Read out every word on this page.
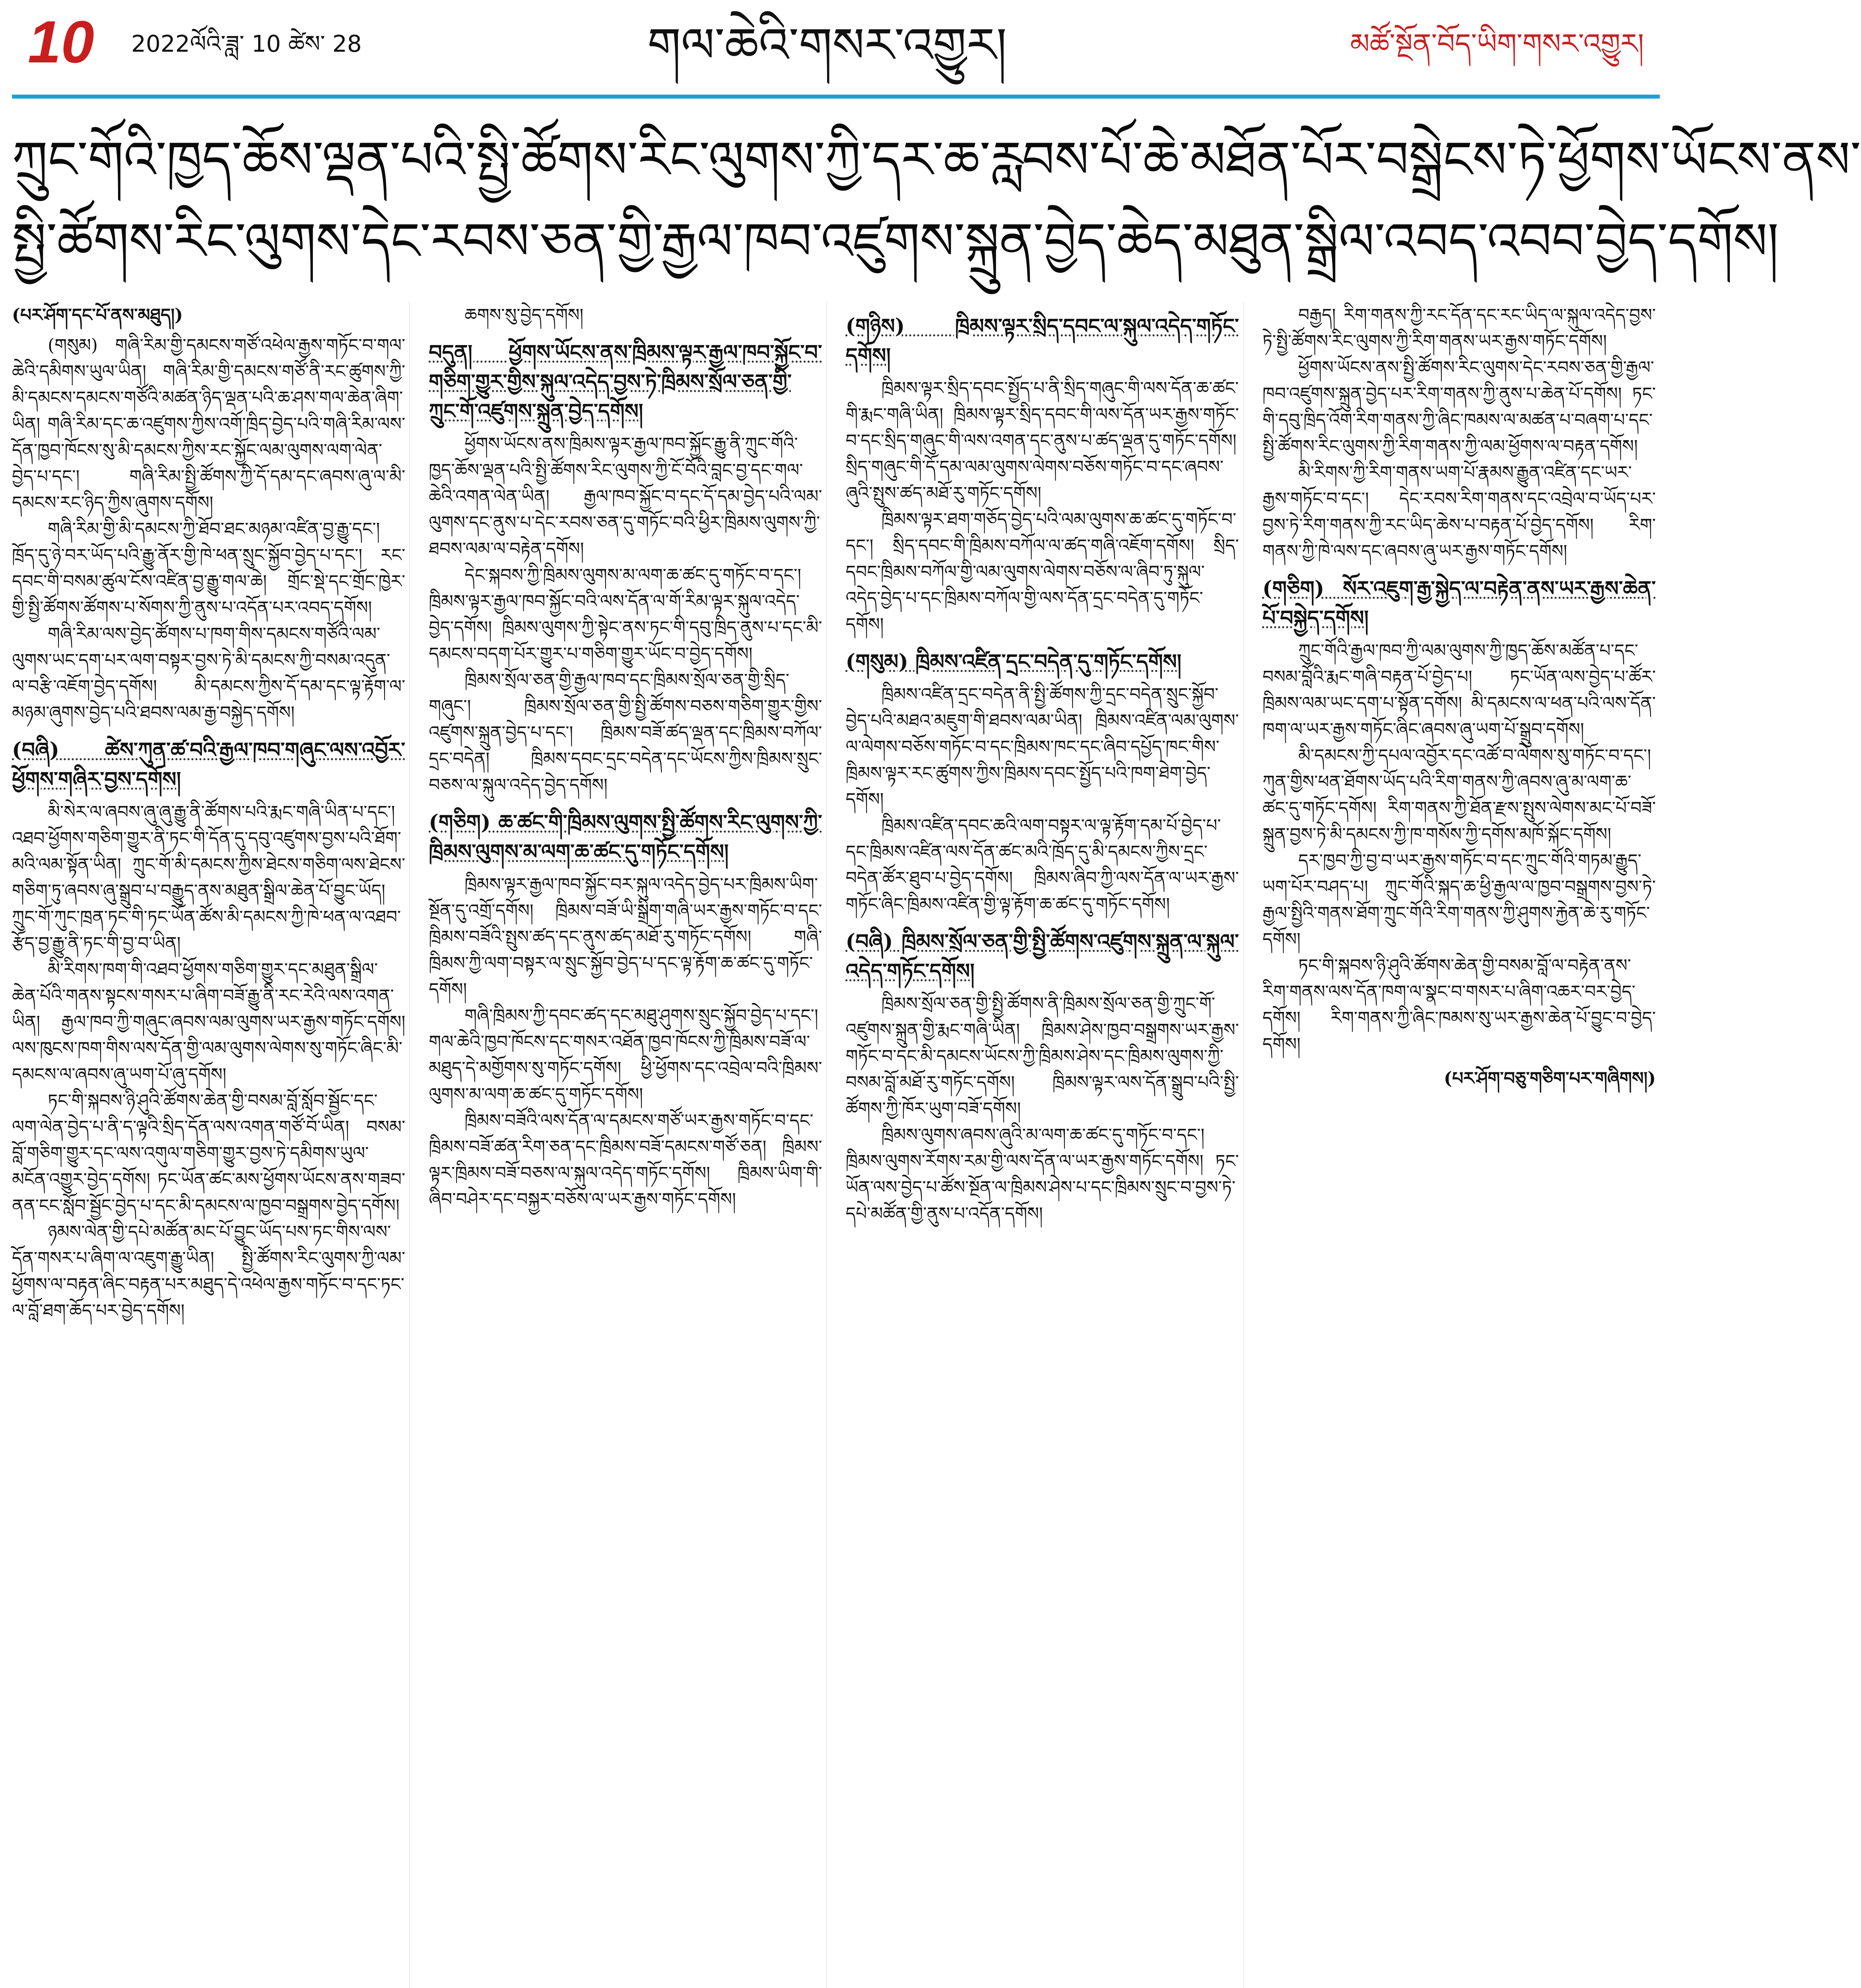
10 2022ལོའི་ཟླ་ 10 ཚེས་ 28	གལ་ཆེའི་གསར་འགྱུར།	མཚོ་སྔོན་བོད་ཡིག་གསར་འགྱུར།
ཀྲུང་གོའི་ཁྱད་ཆོས་ལྡན་པའི་སྤྱི་ཚོགས་རིང་ལུགས་ཀྱི་དར་ཆ་རླབས་པོ་ཆེ་མཐོན་པོར་བསྒྲེངས་ཏེ་ཕྱོགས་ཡོངས་ནས་
སྤྱི་ཚོགས་རིང་ལུགས་དེང་རབས་ཅན་གྱི་རྒྱལ་ཁབ་འཛུགས་སྐྲུན་བྱེད་ཆེད་མཐུན་སྒྲིལ་འབད་འབབ་བྱེད་དགོས།
(པར་ཤོག་དང་པོ་ནས་མཐུད།)
(གསུམ) གཞི་རིམ་གྱི་དམངས་གཙོ་འཕེལ་རྒྱས་གཏོང་བ་གལ་ཆེའི་དམིགས་ཡུལ་ཡིན། གཞི་རིམ་གྱི་དམངས་གཙོ་ནི་རང་ཚུགས་ཀྱི་མི་དམངས་དམངས་གཙོའི་མཚན་ཉིད་ལྡན་པའི་ཆ་ཤས་གལ་ཆེན་ཞིག་ཡིན། གཞི་རིམ་དང་ཆ་འཛུགས་ཀྱིས་འགོ་ཁྲིད་བྱེད་པའི་གཞི་རིམ་ལས་དོན་ཁྱབ་ཁོངས་སུ་མི་དམངས་ཀྱིས་རང་སྐྱོང་ལམ་ལུགས་ལག་ལེན་བྱེད་པ་དང་། གཞི་རིམ་སྤྱི་ཚོགས་ཀྱི་དོ་དམ་དང་ཞབས་ཞུ་ལ་མི་དམངས་རང་ཉིད་ཀྱིས་ཞུགས་དགོས།
གཞི་རིམ་གྱི་མི་དམངས་ཀྱི་ཐོབ་ཐང་མཉམ་འཛིན་བྱ་རྒྱུ་དང་། ཁྲོད་དུ་ཉེ་བར་ཡོད་པའི་རྒྱུ་ནོར་གྱི་ཁེ་ཕན་སྲུང་སྐྱོབ་བྱེད་པ་དང་། རང་དབང་གི་བསམ་ཚུལ་ངོས་འཛིན་བྱ་རྒྱུ་གལ་ཆེ། གྲོང་སྡེ་དང་གྲོང་ཁྱེར་གྱི་སྤྱི་ཚོགས་ཚོགས་པ་སོགས་ཀྱི་ནུས་པ་འདོན་པར་འབད་དགོས།
གཞི་རིམ་ལས་བྱེད་ཚོགས་པ་ཁག་གིས་དམངས་གཙོའི་ལམ་ལུགས་ཡང་དག་པར་ལག་བསྟར་བྱས་ཏེ་མི་དམངས་ཀྱི་བསམ་འདུན་ལ་བརྩི་འཇོག་བྱེད་དགོས། མི་དམངས་ཀྱིས་དོ་དམ་དང་ལྟ་རྟོག་ལ་མཉམ་ཞུགས་བྱེད་པའི་ཐབས་ལམ་རྒྱ་བསྐྱེད་དགོས།
(བཞི) ཚེས་ཀུན་ཚ་བའི་རྒྱལ་ཁབ་གཞུང་ལས་འབྱོར་ཕྱོགས་གཞིར་བྱས་དགོས།
མི་སེར་ལ་ཞབས་ཞུ་ཞུ་རྒྱུ་ནི་ཚོགས་པའི་རྨང་གཞི་ཡིན་པ་དང་། འཐབ་ཕྱོགས་གཅིག་གྱུར་ནི་ཏང་གི་དོན་དུ་དབུ་འཛུགས་བྱས་པའི་ཐོག་མའི་ལམ་སྟོན་ཡིན། ཀྲུང་གོ་མི་དམངས་ཀྱིས་ཐེངས་གཅིག་ལས་ཐེངས་གཅིག་ཏུ་ཞབས་ཞུ་སྒྲུབ་པ་བརྒྱུད་ནས་མཐུན་སྒྲིལ་ཆེན་པོ་བྱུང་ཡོད། ཀྲུང་གོ་ཀུང་ཁྲན་ཏང་གི་ཏང་ཡོན་ཚོས་མི་དམངས་ཀྱི་ཁེ་ཕན་ལ་འཐབ་རྩོད་བྱ་རྒྱུ་ནི་ཏང་གི་བྱ་བ་ཡིན།
མི་རིགས་ཁག་གི་འཐབ་ཕྱོགས་གཅིག་གྱུར་དང་མཐུན་སྒྲིལ་ཆེན་པོའི་གནས་སྟངས་གསར་པ་ཞིག་བཟོ་རྒྱུ་ནི་རང་རེའི་ལས་འགན་ཡིན། རྒྱལ་ཁབ་ཀྱི་གཞུང་ཞབས་ལམ་ལུགས་ཡར་རྒྱས་གཏོང་དགོས། ལས་ཁུངས་ཁག་གིས་ལས་དོན་གྱི་ལམ་ལུགས་ལེགས་སུ་གཏོང་ཞིང་མི་དམངས་ལ་ཞབས་ཞུ་ཡག་པོ་ཞུ་དགོས།
ཏང་གི་སྐབས་ཉི་ཤུའི་ཚོགས་ཆེན་གྱི་བསམ་བློ་སློབ་སྦྱོང་དང་ལག་ལེན་བྱེད་པ་ནི་ད་ལྟའི་སྲིད་དོན་ལས་འགན་གཙོ་བོ་ཡིན། བསམ་བློ་གཅིག་གྱུར་དང་ལས་འགུལ་གཅིག་གྱུར་བྱས་ཏེ་དམིགས་ཡུལ་མངོན་འགྱུར་བྱེད་དགོས། ཏང་ཡོན་ཚང་མས་ཕྱོགས་ཡོངས་ནས་གཟབ་ནན་ངང་སློབ་སྦྱོང་བྱེད་པ་དང་མི་དམངས་ལ་ཁྱབ་བསྒྲགས་བྱེད་དགོས།
ཉམས་ལེན་གྱི་དཔེ་མཚོན་མང་པོ་བྱུང་ཡོད་པས་ཏང་གིས་ལས་དོན་གསར་པ་ཞིག་ལ་འཇུག་རྒྱུ་ཡིན། སྤྱི་ཚོགས་རིང་ལུགས་ཀྱི་ལམ་ཕྱོགས་ལ་བརྟན་ཞིང་བརྟན་པར་མཐུད་དེ་འཕེལ་རྒྱས་གཏོང་བ་དང་ཏང་ལ་བློ་ཐག་ཆོད་པར་བྱེད་དགོས།
ཆགས་སུ་བྱེད་དགོས།
བདུན། ཕྱོགས་ཡོངས་ནས་ཁྲིམས་ལྟར་རྒྱལ་ཁབ་སྐྱོང་བ་གཅིག་གྱུར་གྱིས་སྐུལ་འདེད་བྱས་ཏེ་ཁྲིམས་སྲོལ་ཅན་གྱི་ཀྲུང་གོ་འཛུགས་སྐྲུན་བྱེད་དགོས།
ཕྱོགས་ཡོངས་ནས་ཁྲིམས་ལྟར་རྒྱལ་ཁབ་སྐྱོང་རྒྱུ་ནི་ཀྲུང་གོའི་ཁྱད་ཆོས་ལྡན་པའི་སྤྱི་ཚོགས་རིང་ལུགས་ཀྱི་ངོ་བོའི་བླང་བྱ་དང་གལ་ཆེའི་འགན་ལེན་ཡིན། རྒྱལ་ཁབ་སྐྱོང་བ་དང་དོ་དམ་བྱེད་པའི་ལམ་ལུགས་དང་ནུས་པ་དེང་རབས་ཅན་དུ་གཏོང་བའི་ཕྱིར་ཁྲིམས་ལུགས་ཀྱི་ཐབས་ལམ་ལ་བརྟེན་དགོས།
དེང་སྐབས་ཀྱི་ཁྲིམས་ལུགས་མ་ལག་ཆ་ཚང་དུ་གཏོང་བ་དང་། ཁྲིམས་ལྟར་རྒྱལ་ཁབ་སྐྱོང་བའི་ལས་དོན་ལ་གོ་རིམ་ལྟར་སྐུལ་འདེད་བྱེད་དགོས། ཁྲིམས་ལུགས་ཀྱི་སྟེང་ནས་ཏང་གི་དབུ་ཁྲིད་ནུས་པ་དང་མི་དམངས་བདག་པོར་གྱུར་པ་གཅིག་གྱུར་ཡོང་བ་བྱེད་དགོས།
ཁྲིམས་སྲོལ་ཅན་གྱི་རྒྱལ་ཁབ་དང་ཁྲིམས་སྲོལ་ཅན་གྱི་སྲིད་གཞུང་། ཁྲིམས་སྲོལ་ཅན་གྱི་སྤྱི་ཚོགས་བཅས་གཅིག་གྱུར་གྱིས་འཛུགས་སྐྲུན་བྱེད་པ་དང་། ཁྲིམས་བཟོ་ཚད་ལྡན་དང་ཁྲིམས་བཀོལ་དྲང་བདེན། ཁྲིམས་དབང་དྲང་བདེན་དང་ཡོངས་ཀྱིས་ཁྲིམས་སྲུང་བཅས་ལ་སྐུལ་འདེད་བྱེད་དགོས།
(གཅིག) ཆ་ཚང་གི་ཁྲིམས་ལུགས་སྤྱི་ཚོགས་རིང་ལུགས་ཀྱི་ཁྲིམས་ལུགས་མ་ལག་ཆ་ཚང་དུ་གཏོང་དགོས།
ཁྲིམས་ལྟར་རྒྱལ་ཁབ་སྐྱོང་བར་སྐུལ་འདེད་བྱེད་པར་ཁྲིམས་ཡིག་སྔོན་དུ་འགྲོ་དགོས། ཁྲིམས་བཟོ་ཡི་སྒྲིག་གཞི་ཡར་རྒྱས་གཏོང་བ་དང་ཁྲིམས་བཟོའི་སྤུས་ཚད་དང་ནུས་ཚད་མཐོ་རུ་གཏོང་དགོས། གཞི་ཁྲིམས་ཀྱི་ལག་བསྟར་ལ་སྲུང་སྐྱོབ་བྱེད་པ་དང་ལྟ་རྟོག་ཆ་ཚང་དུ་གཏོང་དགོས།
གཞི་ཁྲིམས་ཀྱི་དབང་ཚད་དང་མཐུ་ཤུགས་སྲུང་སྐྱོབ་བྱེད་པ་དང་། གལ་ཆེའི་ཁྱབ་ཁོངས་དང་གསར་འཐོན་ཁྱབ་ཁོངས་ཀྱི་ཁྲིམས་བཟོ་ལ་མཐུད་དེ་མགྱོགས་སུ་གཏོང་དགོས། ཕྱི་ཕྱོགས་དང་འབྲེལ་བའི་ཁྲིམས་ལུགས་མ་ལག་ཆ་ཚང་དུ་གཏོང་དགོས།
ཁྲིམས་བཟོའི་ལས་དོན་ལ་དམངས་གཙོ་ཡར་རྒྱས་གཏོང་བ་དང་ཁྲིམས་བཟོ་ཚན་རིག་ཅན་དང་ཁྲིམས་བཟོ་དམངས་གཙོ་ཅན། ཁྲིམས་ལྟར་ཁྲིམས་བཟོ་བཅས་ལ་སྐུལ་འདེད་གཏོང་དགོས། ཁྲིམས་ཡིག་གི་ཞིབ་བཤེར་དང་བསྐྱར་བཅོས་ལ་ཡར་རྒྱས་གཏོང་དགོས།
(གཉིས) ཁྲིམས་ལྟར་སྲིད་དབང་ལ་སྐུལ་འདེད་གཏོང་དགོས།
ཁྲིམས་ལྟར་སྲིད་དབང་སྤྱོད་པ་ནི་སྲིད་གཞུང་གི་ལས་དོན་ཆ་ཚང་གི་རྨང་གཞི་ཡིན། ཁྲིམས་ལྟར་སྲིད་དབང་གི་ལས་དོན་ཡར་རྒྱས་གཏོང་བ་དང་སྲིད་གཞུང་གི་ལས་འགན་དང་ནུས་པ་ཚད་ལྡན་དུ་གཏོང་དགོས། སྲིད་གཞུང་གི་དོ་དམ་ལམ་ལུགས་ལེགས་བཅོས་གཏོང་བ་དང་ཞབས་ཞུའི་སྤུས་ཚད་མཐོ་རུ་གཏོང་དགོས།
ཁྲིམས་ལྟར་ཐག་གཅོད་བྱེད་པའི་ལམ་ལུགས་ཆ་ཚང་དུ་གཏོང་བ་དང་། སྲིད་དབང་གི་ཁྲིམས་བཀོལ་ལ་ཚད་གཞི་འཇོག་དགོས། སྲིད་དབང་ཁྲིམས་བཀོལ་གྱི་ལམ་ལུགས་ལེགས་བཅོས་ལ་ཞིབ་ཏུ་སྐུལ་འདེད་བྱེད་པ་དང་ཁྲིམས་བཀོལ་གྱི་ལས་དོན་དྲང་བདེན་དུ་གཏོང་དགོས།
(གསུམ) ཁྲིམས་འཛིན་དྲང་བདེན་དུ་གཏོང་དགོས།
ཁྲིམས་འཛིན་དྲང་བདེན་ནི་སྤྱི་ཚོགས་ཀྱི་དྲང་བདེན་སྲུང་སྐྱོབ་བྱེད་པའི་མཐའ་མཇུག་གི་ཐབས་ལམ་ཡིན། ཁྲིམས་འཛིན་ལམ་ལུགས་ལ་ལེགས་བཅོས་གཏོང་བ་དང་ཁྲིམས་ཁང་དང་ཞིབ་དཔྱོད་ཁང་གིས་ཁྲིམས་ལྟར་རང་ཚུགས་ཀྱིས་ཁྲིམས་དབང་སྤྱོད་པའི་ཁག་ཐེག་བྱེད་དགོས།
ཁྲིམས་འཛིན་དབང་ཆའི་ལག་བསྟར་ལ་ལྟ་རྟོག་དམ་པོ་བྱེད་པ་དང་ཁྲིམས་འཛིན་ལས་དོན་ཚང་མའི་ཁྲོད་དུ་མི་དམངས་ཀྱིས་དྲང་བདེན་ཚོར་ཐུབ་པ་བྱེད་དགོས། ཁྲིམས་ཞིབ་ཀྱི་ལས་དོན་ལ་ཡར་རྒྱས་གཏོང་ཞིང་ཁྲིམས་འཛིན་གྱི་ལྟ་རྟོག་ཆ་ཚང་དུ་གཏོང་དགོས།
(བཞི) ཁྲིམས་སྲོལ་ཅན་གྱི་སྤྱི་ཚོགས་འཛུགས་སྐྲུན་ལ་སྐུལ་འདེད་གཏོང་དགོས།
ཁྲིམས་སྲོལ་ཅན་གྱི་སྤྱི་ཚོགས་ནི་ཁྲིམས་སྲོལ་ཅན་གྱི་ཀྲུང་གོ་འཛུགས་སྐྲུན་གྱི་རྨང་གཞི་ཡིན། ཁྲིམས་ཤེས་ཁྱབ་བསྒྲགས་ཡར་རྒྱས་གཏོང་བ་དང་མི་དམངས་ཡོངས་ཀྱི་ཁྲིམས་ཤེས་དང་ཁྲིམས་ལུགས་ཀྱི་བསམ་བློ་མཐོ་རུ་གཏོང་དགོས། ཁྲིམས་ལྟར་ལས་དོན་སྒྲུབ་པའི་སྤྱི་ཚོགས་ཀྱི་ཁོར་ཡུག་བཟོ་དགོས།
ཁྲིམས་ལུགས་ཞབས་ཞུའི་མ་ལག་ཆ་ཚང་དུ་གཏོང་བ་དང་། ཁྲིམས་ལུགས་རོགས་རམ་གྱི་ལས་དོན་ལ་ཡར་རྒྱས་གཏོང་དགོས། ཏང་ཡོན་ལས་བྱེད་པ་ཚོས་སྔོན་ལ་ཁྲིམས་ཤེས་པ་དང་ཁྲིམས་སྲུང་བ་བྱས་ཏེ་དཔེ་མཚོན་གྱི་ནུས་པ་འདོན་དགོས།
བརྒྱད། རིག་གནས་ཀྱི་རང་དོན་དང་རང་ཡིད་ལ་སྐུལ་འདེད་བྱས་ཏེ་སྤྱི་ཚོགས་རིང་ལུགས་ཀྱི་རིག་གནས་ཡར་རྒྱས་གཏོང་དགོས།
ཕྱོགས་ཡོངས་ནས་སྤྱི་ཚོགས་རིང་ལུགས་དེང་རབས་ཅན་གྱི་རྒྱལ་ཁབ་འཛུགས་སྐྲུན་བྱེད་པར་རིག་གནས་ཀྱི་ནུས་པ་ཆེན་པོ་དགོས། ཏང་གི་དབུ་ཁྲིད་འོག་རིག་གནས་ཀྱི་ཞིང་ཁམས་ལ་མཚན་པ་བཞག་པ་དང་སྤྱི་ཚོགས་རིང་ལུགས་ཀྱི་རིག་གནས་ཀྱི་ལམ་ཕྱོགས་ལ་བརྟན་དགོས།
མི་རིགས་ཀྱི་རིག་གནས་ཡག་པོ་རྣམས་རྒྱུན་འཛིན་དང་ཡར་རྒྱས་གཏོང་བ་དང་། དེང་རབས་རིག་གནས་དང་འབྲེལ་བ་ཡོད་པར་བྱས་ཏེ་རིག་གནས་ཀྱི་རང་ཡིད་ཆེས་པ་བརྟན་པོ་བྱེད་དགོས། རིག་གནས་ཀྱི་ཁེ་ལས་དང་ཞབས་ཞུ་ཡར་རྒྱས་གཏོང་དགོས།
(གཅིག) སོར་འཇུག་རྒྱ་སྐྱེད་ལ་བརྟེན་ནས་ཡར་རྒྱས་ཆེན་པོ་བསྐྱེད་དགོས།
ཀྲུང་གོའི་རྒྱལ་ཁབ་ཀྱི་ལམ་ལུགས་ཀྱི་ཁྱད་ཆོས་མཚོན་པ་དང་བསམ་བློའི་རྨང་གཞི་བརྟན་པོ་བྱེད་པ། ཏང་ཡོན་ལས་བྱེད་པ་ཚོར་ཁྲིམས་ལམ་ཡང་དག་པ་སྟོན་དགོས། མི་དམངས་ལ་ཕན་པའི་ལས་དོན་ཁག་ལ་ཡར་རྒྱས་གཏོང་ཞིང་ཞབས་ཞུ་ཡག་པོ་སྒྲུབ་དགོས།
མི་དམངས་ཀྱི་དཔལ་འབྱོར་དང་འཚོ་བ་ལེགས་སུ་གཏོང་བ་དང་། ཀུན་གྱིས་ཕན་ཐོགས་ཡོད་པའི་རིག་གནས་ཀྱི་ཞབས་ཞུ་མ་ལག་ཆ་ཚང་དུ་གཏོང་དགོས། རིག་གནས་ཀྱི་ཐོན་རྫས་སྤུས་ལེགས་མང་པོ་བཟོ་སྐྲུན་བྱས་ཏེ་མི་དམངས་ཀྱི་ཁ་གསོས་ཀྱི་དགོས་མཁོ་སྐོང་དགོས།
དར་ཁྱབ་ཀྱི་བྱ་བ་ཡར་རྒྱས་གཏོང་བ་དང་ཀྲུང་གོའི་གཏམ་རྒྱུད་ཡག་པོར་བཤད་པ། ཀྲུང་གོའི་སྐད་ཆ་ཕྱི་རྒྱལ་ལ་ཁྱབ་བསྒྲགས་བྱས་ཏེ་རྒྱལ་སྤྱིའི་གནས་ཐོག་ཀྲུང་གོའི་རིག་གནས་ཀྱི་ཤུགས་རྐྱེན་ཆེ་རུ་གཏོང་དགོས།
ཏང་གི་སྐབས་ཉི་ཤུའི་ཚོགས་ཆེན་གྱི་བསམ་བློ་ལ་བརྟེན་ནས་རིག་གནས་ལས་དོན་ཁག་ལ་སྣང་བ་གསར་པ་ཞིག་འཆར་བར་བྱེད་དགོས། རིག་གནས་ཀྱི་ཞིང་ཁམས་སུ་ཡར་རྒྱས་ཆེན་པོ་བྱུང་བ་བྱེད་དགོས།
(པར་ཤོག་བཅུ་གཅིག་པར་གཞིགས།)
